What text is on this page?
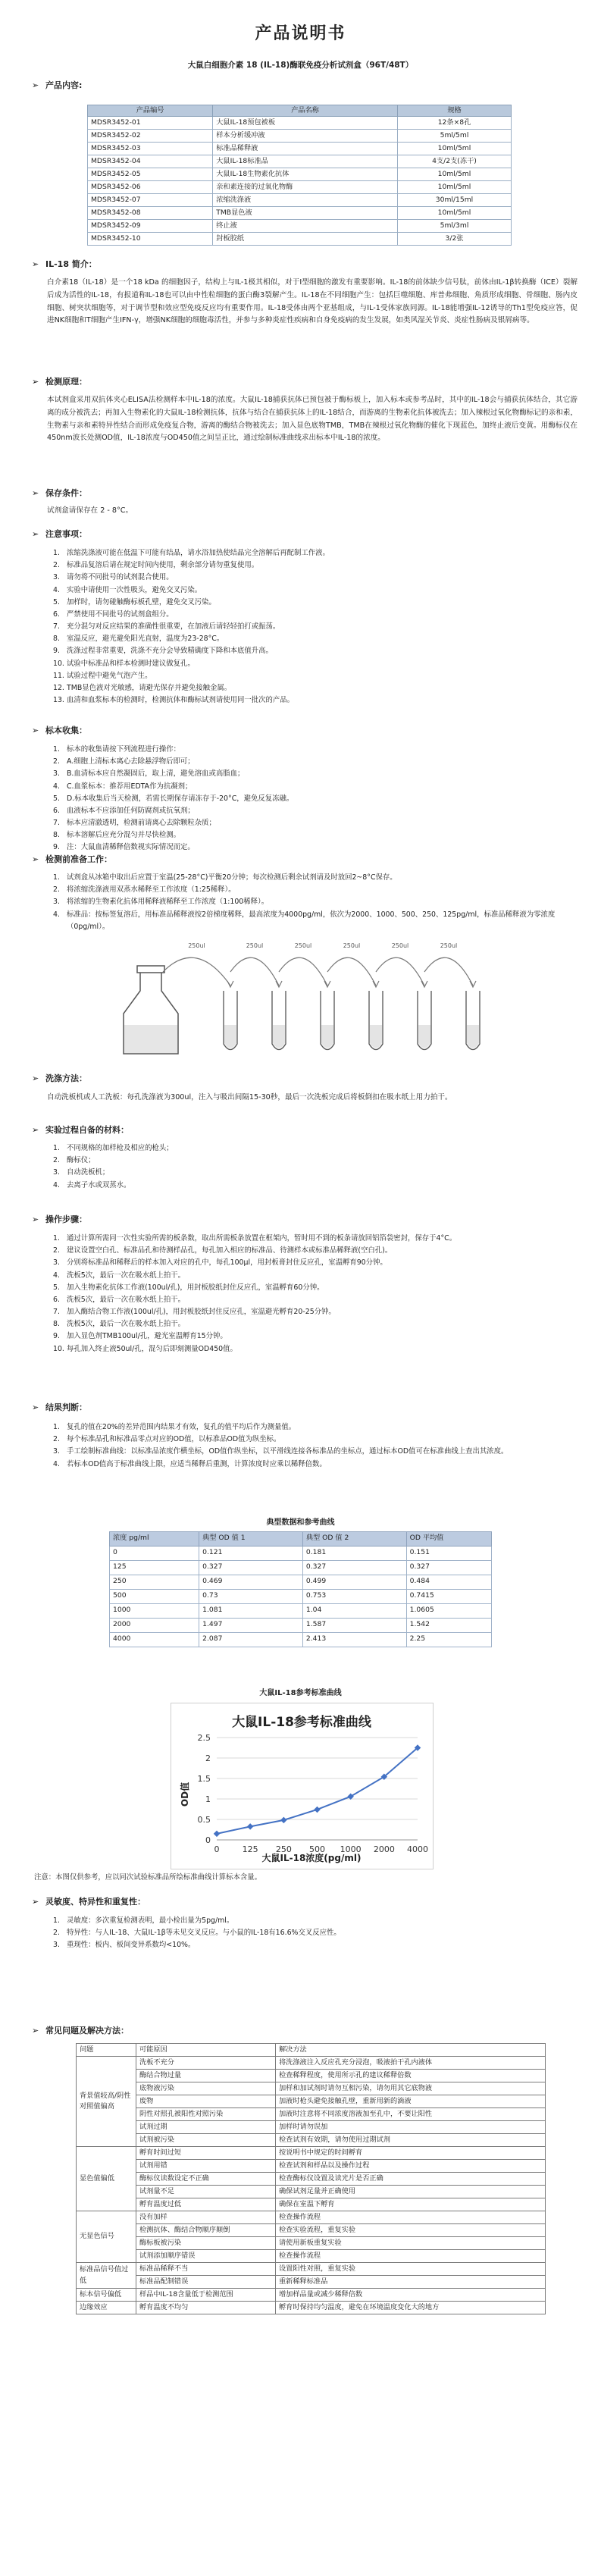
产品说明书
大鼠白细胞介素 18 (IL-18)酶联免疫分析试剂盒（96T/48T）
➢ 产品内容:
产品编号	产品名称	规格
MDSR3452-01	大鼠IL-18预包被板	12条×8孔
MDSR3452-02	样本分析缓冲液	5ml/5ml
MDSR3452-03	标准品稀释液	10ml/5ml
MDSR3452-04	大鼠IL-18标准品	4支/2支(冻干)
MDSR3452-05	大鼠IL-18生物素化抗体	10ml/5ml
MDSR3452-06	亲和素连接的过氧化物酶	10ml/5ml
MDSR3452-07	浓缩洗涤液	30ml/15ml
MDSR3452-08	TMB显色液	10ml/5ml
MDSR3452-09	终止液	5ml/3ml
MDSR3452-10	封板胶纸	3/2张
➢ IL-18 简介：
白介素18（IL-18）是一个18 kDa 的细胞因子，结构上与IL-1极其相似，对于Ⅰ型细胞的激发有重要影响。IL-18的前体缺少信号肽，前体由IL-1β转换酶（ICE）裂解后成为活性的IL-18，有报道称IL-18也可以由中性粒细胞的蛋白酶3裂解产生。IL-18在不同细胞产生：包括巨噬细胞、库普弗细胞、角质形成细胞、骨细胞、肠内皮细胞、树突状细胞等，对于调节型和效应型免疫反应均有重要作用。IL-18受体由两个亚基组成，与IL-1受体家族同源。IL-18能增强IL-12诱导的Th1型免疫应答，促进NK细胞和T细胞产生IFN-γ，增强NK细胞的细胞毒活性，并参与多种炎症性疾病和自身免疫病的发生发展，如类风湿关节炎、炎症性肠病及银屑病等。
➢ 检测原理：
本试剂盒采用双抗体夹心ELISA法检测样本中IL-18的浓度。大鼠IL-18捕获抗体已预包被于酶标板上，加入标本或参考品时，其中的IL-18会与捕获抗体结合，其它游离的成分被洗去；再加入生物素化的大鼠IL-18检测抗体，抗体与结合在捕获抗体上的IL-18结合，而游离的生物素化抗体被洗去；加入辣根过氧化物酶标记的亲和素，生物素与亲和素特异性结合而形成免疫复合物，游离的酶结合物被洗去；加入显色底物TMB，TMB在辣根过氧化物酶的催化下现蓝色，加终止液后变黄。用酶标仪在450nm波长处测OD值，IL-18浓度与OD450值之间呈正比，通过绘制标准曲线求出标本中IL-18的浓度。
➢ 保存条件：
试剂盒请保存在 2 - 8°C。
➢ 注意事项：
1. 浓缩洗涤液可能在低温下可能有结晶，请水浴加热使结晶完全溶解后再配制工作液。
2. 标准品复溶后请在规定时间内使用，剩余部分请勿重复使用。
3. 请勿将不同批号的试剂混合使用。
4. 实验中请使用一次性吸头，避免交叉污染。
5. 加样时，请勿碰触酶标板孔壁，避免交叉污染。
6. 严禁使用不同批号的试剂盒组分。
7. 充分混匀对反应结果的准确性很重要，在加液后请轻轻拍打或振荡。
8. 室温反应，避光避免阳光直射，温度为23-28°C。
9. 洗涤过程非常重要，洗涤不充分会导致精确度下降和本底值升高。
10. 试验中标准品和样本检测时建议做复孔。
11. 试验过程中避免气泡产生。
12. TMB显色液对光敏感，请避光保存并避免接触金属。
13. 血清和血浆标本的检测时，检测抗体和酶标试剂请使用同一批次的产品。
➢ 标本收集：
1. 标本的收集请按下列流程进行操作：
2. A.细胞上清标本离心去除悬浮物后即可；
3. B.血清标本应自然凝固后，取上清，避免溶血或高脂血；
4. C.血浆标本：推荐用EDTA作为抗凝剂；
5. D.标本收集后当天检测，若需长期保存请冻存于-20°C，避免反复冻融。
6. 血液标本不应添加任何防腐剂或抗氧剂；
7. 标本应清澈透明，检测前请离心去除颗粒杂质；
8. 标本溶解后应充分混匀并尽快检测。
9. 注：大鼠血清稀释倍数视实际情况而定。
➢ 检测前准备工作：
1. 试剂盒从冰箱中取出后应置于室温(25-28°C)平衡20分钟；每次检测后剩余试剂请及时放回2~8°C保存。
2. 将浓缩洗涤液用双蒸水稀释至工作浓度（1:25稀释）。
3. 将浓缩的生物素化抗体用稀释液稀释至工作浓度（1:100稀释）。
4. 标准品：按标签复溶后，用标准品稀释液按2倍梯度稀释，最高浓度为4000pg/ml，依次为2000、1000、500、250、125pg/ml，标准品稀释液为零浓度（0pg/ml）。
250ul	250ul	250ul	250ul	250ul	250ul
➢ 洗涤方法：
自动洗板机或人工洗板：每孔洗涤液为300ul，注入与吸出间隔15-30秒，最后一次洗板完成后将板倒扣在吸水纸上用力拍干。
➢ 实验过程自备的材料：
1. 不同规格的加样枪及相应的枪头；
2. 酶标仪；
3. 自动洗板机；
4. 去离子水或双蒸水。
➢ 操作步骤：
1. 通过计算所需同一次性实验所需的板条数，取出所需板条放置在框架内，暂时用不到的板条请放回铝箔袋密封，保存于4°C。
2. 建议设置空白孔、标准品孔和待测样品孔，每孔加入相应的标准品、待测样本或标准品稀释液(空白孔)。
3. 分别将标准品和稀释后的样本加入对应的孔中，每孔100μl，用封板膏封住反应孔，室温孵育90分钟。
4. 洗板5次，最后一次在吸水纸上拍干。
5. 加入生物素化抗体工作液(100ul/孔)，用封板胶纸封住反应孔，室温孵育60分钟。
6. 洗板5次，最后一次在吸水纸上拍干。
7. 加入酶结合物工作液(100ul/孔)，用封板胶纸封住反应孔，室温避光孵育20-25分钟。
8. 洗板5次，最后一次在吸水纸上拍干。
9. 加入显色剂TMB100ul/孔，避光室温孵育15分钟。
10. 每孔加入终止液50ul/孔，混匀后即刻测量OD450值。
➢ 结果判断：
1. 复孔的值在20%的差异范围内结果才有效，复孔的值平均后作为测量值。
2. 每个标准品孔和标准品零点对应的OD值，以标准品OD值为纵坐标。
3. 手工绘制标准曲线：以标准品浓度作横坐标，OD值作纵坐标，以平滑线连接各标准品的坐标点，通过标本OD值可在标准曲线上查出其浓度。
4. 若标本OD值高于标准曲线上限，应适当稀释后重测，计算浓度时应乘以稀释倍数。
典型数据和参考曲线
浓度 pg/ml	典型 OD 值 1	典型 OD 值 2	OD 平均值
0	0.121	0.181	0.151
125	0.327	0.327	0.327
250	0.469	0.499	0.484
500	0.73	0.753	0.7415
1000	1.081	1.04	1.0605
2000	1.497	1.587	1.542
4000	2.087	2.413	2.25
大鼠IL-18参考标准曲线
大鼠IL-18参考标准曲线
0
0.5
1
1.5
2
2.5
0	125 250 500 1000 2000 4000
OD值
大鼠IL-18浓度(pg/ml)
注意：本图仅供参考，应以同次试验标准品所绘标准曲线计算标本含量。
➢ 灵敏度、特异性和重复性：
1. 灵敏度：多次重复检测表明，最小检出量为5pg/ml。
2. 特异性：与人IL-18、大鼠IL-1β等未见交叉反应。与小鼠的IL-18有16.6%交叉反应性。
3. 重现性：板内、板间变异系数均<10%。
➢ 常见问题及解决方法：
问题	可能原因	解决方法
背景值较高/阴性对照值偏高	洗板不充分	将洗涤液注入反应孔充分浸泡，吸液拍干孔内液体
	酶结合物过量	检查稀释程度，使用所示孔的建议稀释倍数
	底物液污染	加样和加试剂时请勿互相污染，请勿用其它底物液
	废物	加液时枪头避免接触孔壁，重新用新的滴液
	阴性对照孔被阳性对照污染	加液时注意将不同浓度溶液加至孔中，不要让阳性
	试剂过期	加样时请勿误加
	试剂被污染	检查试剂有效期，请勿使用过期试剂
显色值偏低	孵育时间过短	按说明书中规定的时间孵育
	试剂用错	检查试剂和样品以及操作过程
	酶标仪读数设定不正确	检查酶标仪设置及读光片是否正确
	试剂量不足	确保试剂足量并正确使用
	孵育温度过低	确保在室温下孵育
无显色信号	没有加样	检查操作流程
	检测抗体、酶结合物顺序颠倒	检查实验流程，重复实验
	酶标板被污染	请使用新板重复实验
	试剂添加顺序错误	检查操作流程
标准品信号值过低	标准品稀释不当	设置阳性对照，重复实验
	标准品配制错误	重新稀释标准品
标本信号偏低	样品中IL-18含量低于检测范围	增加样品量或减少稀释倍数
边缘效应	孵育温度不均匀	孵育时保持均匀温度，避免在环境温度变化大的地方
